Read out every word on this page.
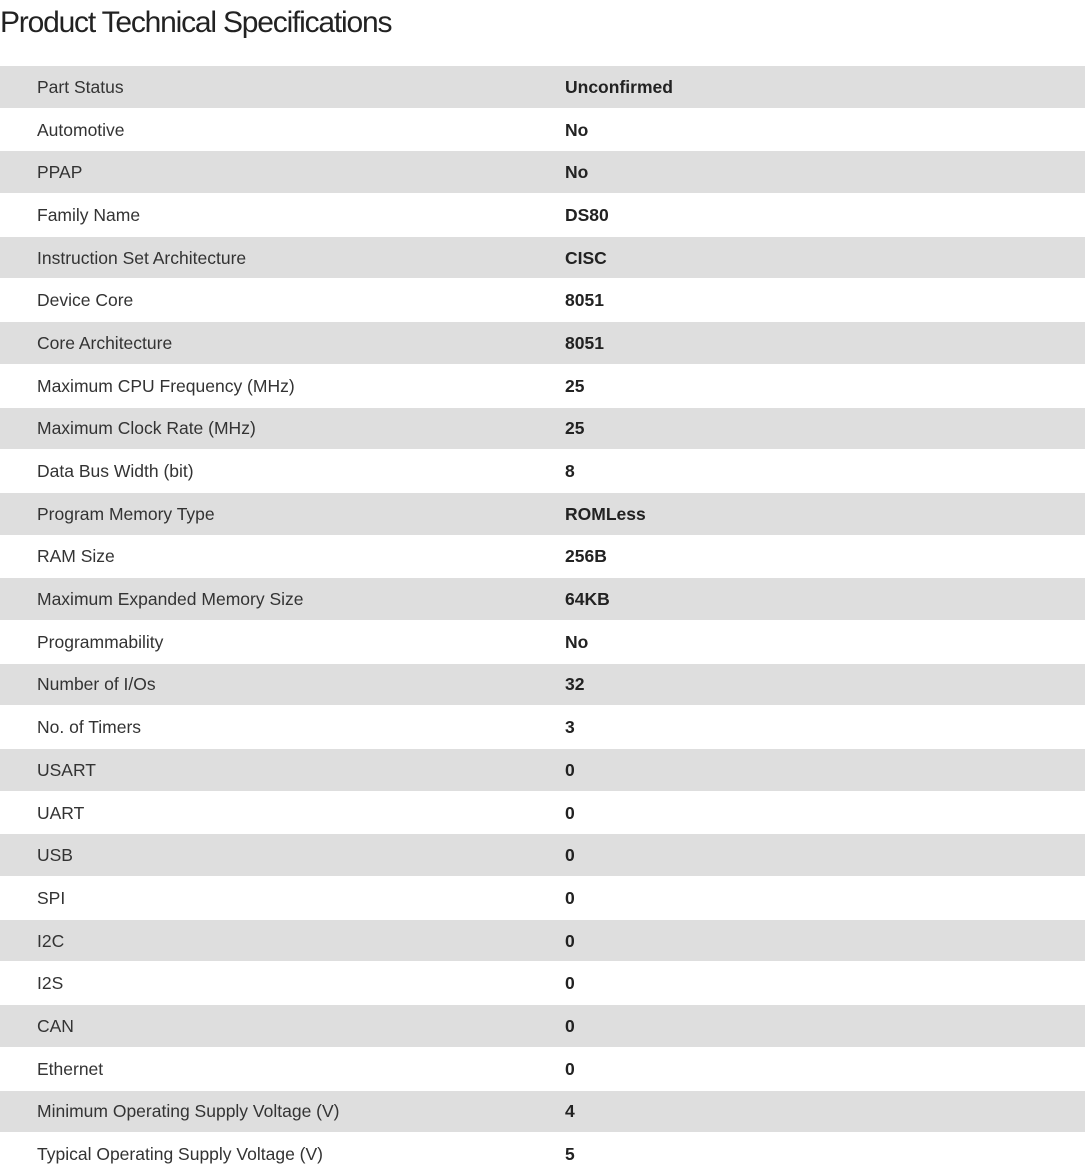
Product Technical Specifications
Part Status	Unconfirmed
Automotive	No
PPAP	No
Family Name	DS80
Instruction Set Architecture	CISC
Device Core	8051
Core Architecture	8051
Maximum CPU Frequency (MHz)	25
Maximum Clock Rate (MHz)	25
Data Bus Width (bit)	8
Program Memory Type	ROMLess
RAM Size	256B
Maximum Expanded Memory Size	64KB
Programmability	No
Number of I/Os	32
No. of Timers	3
USART	0
UART	0
USB	0
SPI	0
I2C	0
I2S	0
CAN	0
Ethernet	0
Minimum Operating Supply Voltage (V)	4
Typical Operating Supply Voltage (V)	5
